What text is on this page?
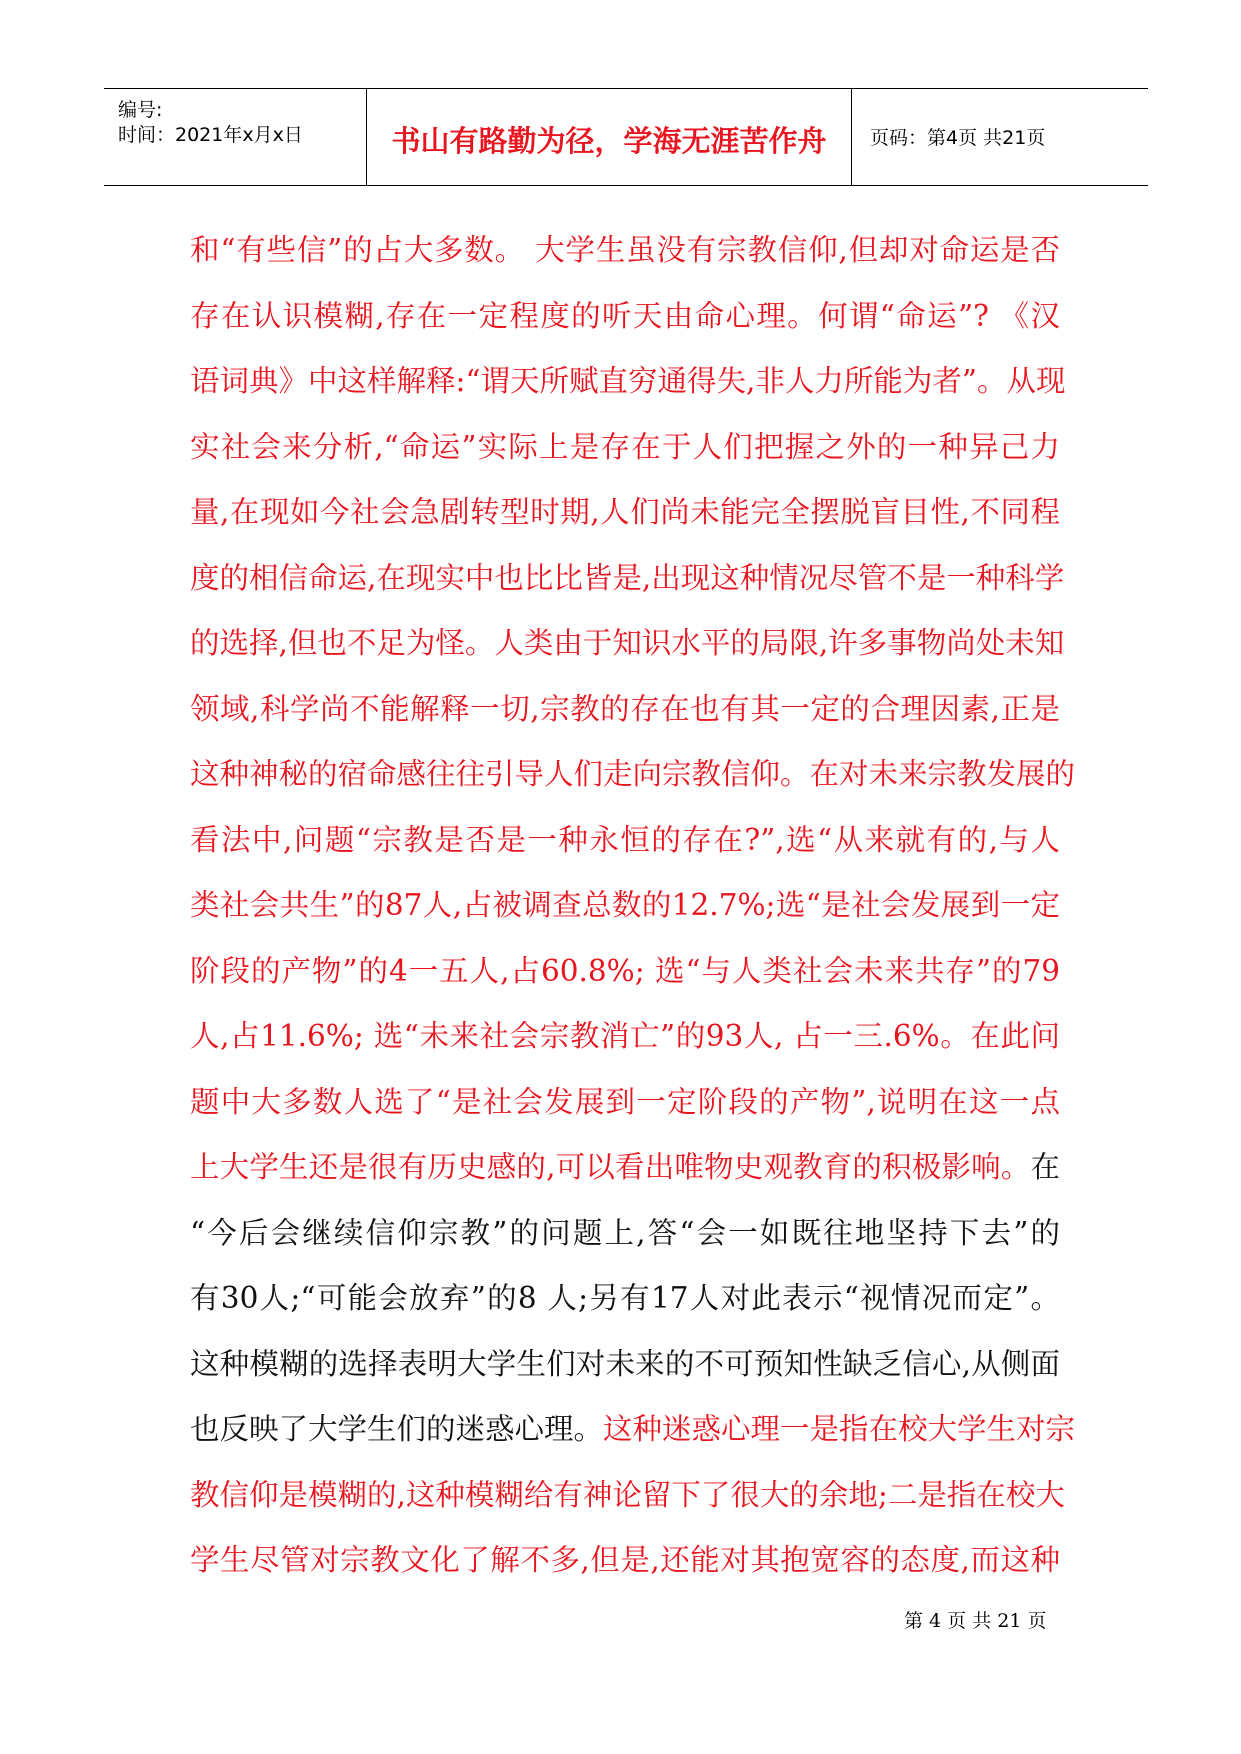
编号:
时间：2021年x月x日	书山有路勤为径，学海无涯苦作舟	页码：第4页 共21页
和“有些信”的占大多数。 大学生虽没有宗教信仰,但却对命运是否
存在认识模糊,存在一定程度的听天由命心理。何谓“命运”? 《汉
语词典》中这样解释:“谓天所赋直穷通得失,非人力所能为者”。从现
实社会来分析,“命运”实际上是存在于人们把握之外的一种异己力
量,在现如今社会急剧转型时期,人们尚未能完全摆脱盲目性,不同程
度的相信命运,在现实中也比比皆是,出现这种情况尽管不是一种科学
的选择,但也不足为怪。人类由于知识水平的局限,许多事物尚处未知
领域,科学尚不能解释一切,宗教的存在也有其一定的合理因素,正是
这种神秘的宿命感往往引导人们走向宗教信仰。在对未来宗教发展的
看法中,问题“宗教是否是一种永恒的存在?”,选“从来就有的,与人
类社会共生”的87人,占被调查总数的12.7%;选“是社会发展到一定
阶段的产物”的4一五人,占60.8%; 选“与人类社会未来共存”的79
人,占11.6%; 选“未来社会宗教消亡”的93人, 占一三.6%。在此问
题中大多数人选了“是社会发展到一定阶段的产物”,说明在这一点
上大学生还是很有历史感的,可以看出唯物史观教育的积极影响。在
“今后会继续信仰宗教”的问题上,答“会一如既往地坚持下去”的
有30人;“可能会放弃”的8 人;另有17人对此表示“视情况而定”。
这种模糊的选择表明大学生们对未来的不可预知性缺乏信心,从侧面
也反映了大学生们的迷惑心理。这种迷惑心理一是指在校大学生对宗
教信仰是模糊的,这种模糊给有神论留下了很大的余地;二是指在校大
学生尽管对宗教文化了解不多,但是,还能对其抱宽容的态度,而这种
第 4 页 共 21 页
